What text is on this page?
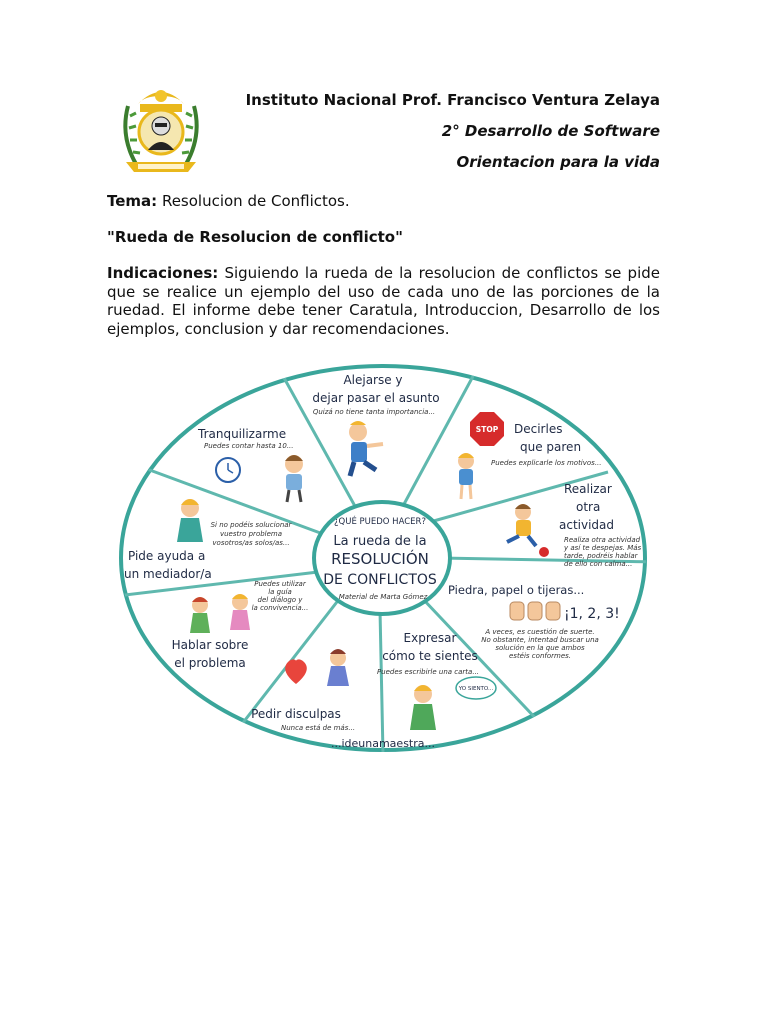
Instituto Nacional Prof. Francisco Ventura Zelaya
2° Desarrollo de Software
Orientacion para la vida
Tema: Resolucion de Conflictos.
"Rueda de Resolucion de conflicto"
Indicaciones: Siguiendo la rueda de la resolucion de conflictos se pide que se realice un ejemplo del uso de cada uno de las porciones de la ruedad. El informe debe tener Caratula, Introduccion, Desarrollo de los ejemplos, conclusion y dar recomendaciones.
¿QUÉ PUEDO HACER?
La rueda de la
RESOLUCIÓN
DE CONFLICTOS
Material de Marta Gómez
Alejarse y
dejar pasar el asunto
Quizá no tiene tanta importancia...
STOP Decirles
que paren
Puedes explicarle los motivos...
Realizar
otra
actividad
Realiza otra actividad
y así te despejas. Más
tarde, podréis hablar
de ello con calma...
Piedra, papel o tijeras...
¡1, 2, 3!
A veces, es cuestión de suerte.
No obstante, intentad buscar una
solución en la que ambos
estéis conformes.
Expresar
cómo te sientes
Puedes escribirle una carta...
YO SIENTO...
Pedir disculpas
Nunca está de más...
Puedes utilizar
la guía
del diálogo y
la convivencia...
Hablar sobre
el problema
Si no podéis solucionar
vuestro problema
vosotros/as solos/as...
Pide ayuda a
un mediador/a
Tranquilizarme
Puedes contar hasta 10...
...ideunamaestra...
